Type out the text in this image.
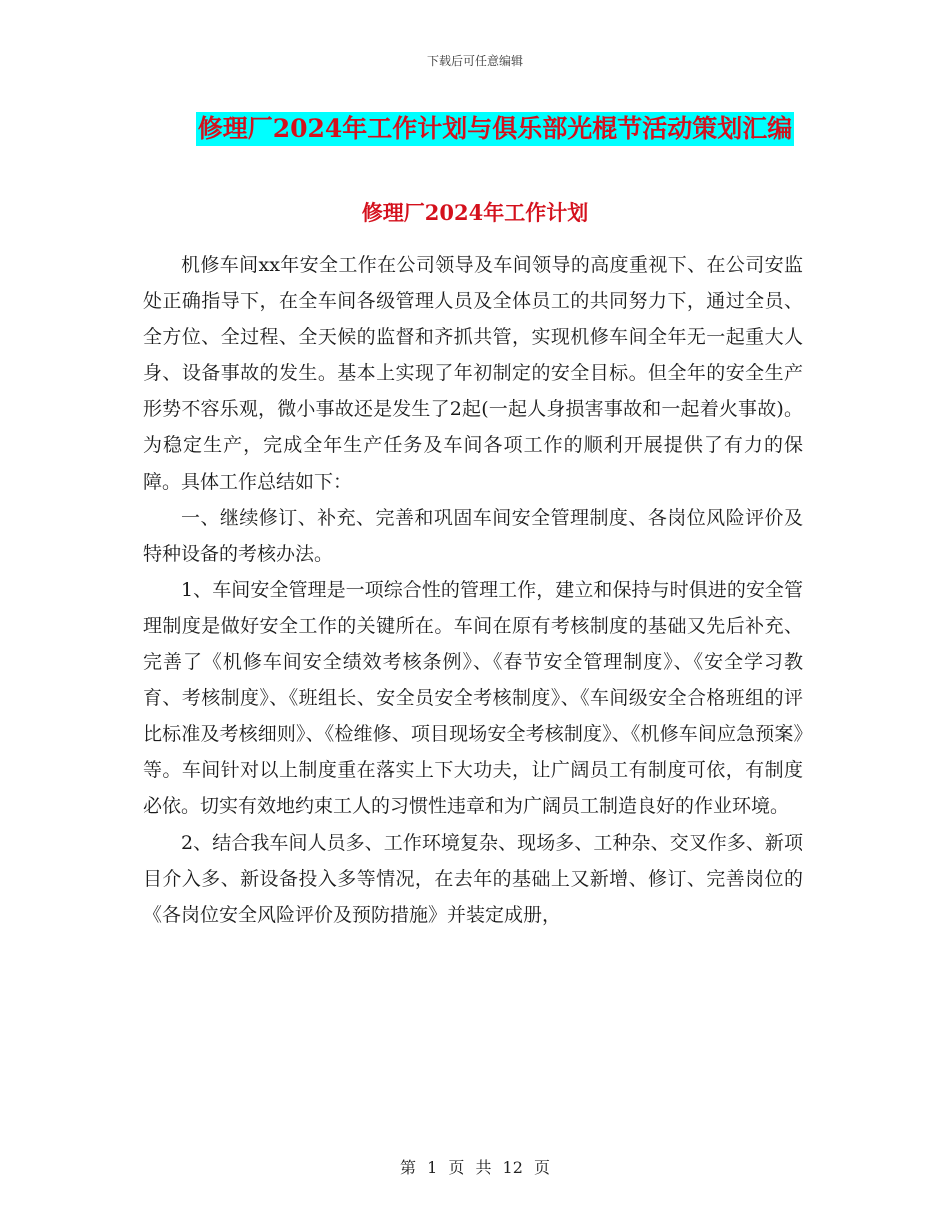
下载后可任意编辑
修理厂2024年工作计划与俱乐部光棍节活动策划汇编
修理厂2024年工作计划

机修车间xx年安全工作在公司领导及车间领导的高度重视下、在公司安监处正确指导下，在全车间各级管理人员及全体员工的共同努力下，通过全员、全方位、全过程、全天候的监督和齐抓共管，实现机修车间全年无一起重大人身、设备事故的发生。基本上实现了年初制定的安全目标。但全年的安全生产形势不容乐观，微小事故还是发生了2起(一起人身损害事故和一起着火事故)。为稳定生产，完成全年生产任务及车间各项工作的顺利开展提供了有力的保障。具体工作总结如下：

一、继续修订、补充、完善和巩固车间安全管理制度、各岗位风险评价及特种设备的考核办法。

1、车间安全管理是一项综合性的管理工作，建立和保持与时俱进的安全管理制度是做好安全工作的关键所在。车间在原有考核制度的基础又先后补充、完善了《机修车间安全绩效考核条例》、《春节安全管理制度》、《安全学习教育、考核制度》、《班组长、安全员安全考核制度》、《车间级安全合格班组的评比标准及考核细则》、《检维修、项目现场安全考核制度》、《机修车间应急预案》等。车间针对以上制度重在落实上下大功夫，让广阔员工有制度可依，有制度必依。切实有效地约束工人的习惯性违章和为广阔员工制造良好的作业环境。

2、结合我车间人员多、工作环境复杂、现场多、工种杂、交叉作多、新项目介入多、新设备投入多等情况，在去年的基础上又新增、修订、完善岗位的《各岗位安全风险评价及预防措施》并装定成册，

第 1 页 共 12 页
